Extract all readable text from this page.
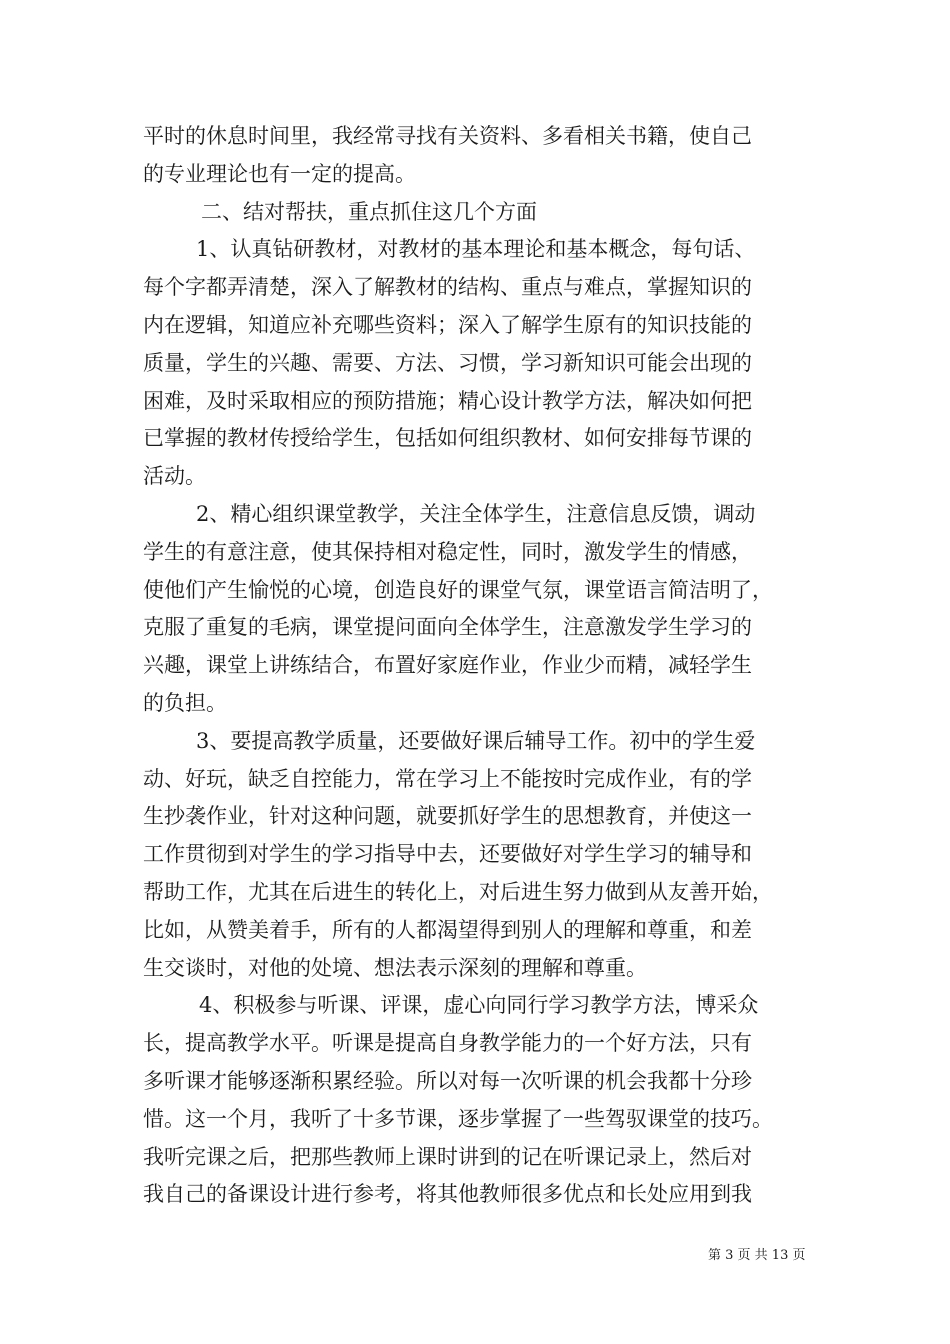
平时的休息时间里，我经常寻找有关资料、多看相关书籍，使自己
的专业理论也有一定的提高。
二、结对帮扶，重点抓住这几个方面
1、认真钻研教材，对教材的基本理论和基本概念，每句话、
每个字都弄清楚，深入了解教材的结构、重点与难点，掌握知识的
内在逻辑，知道应补充哪些资料；深入了解学生原有的知识技能的
质量，学生的兴趣、需要、方法、习惯，学习新知识可能会出现的
困难，及时采取相应的预防措施；精心设计教学方法，解决如何把
已掌握的教材传授给学生，包括如何组织教材、如何安排每节课的
活动。
2、精心组织课堂教学，关注全体学生，注意信息反馈，调动
学生的有意注意，使其保持相对稳定性，同时，激发学生的情感，
使他们产生愉悦的心境，创造良好的课堂气氛，课堂语言简洁明了，
克服了重复的毛病，课堂提问面向全体学生，注意激发学生学习的
兴趣，课堂上讲练结合，布置好家庭作业，作业少而精，减轻学生
的负担。
3、要提高教学质量，还要做好课后辅导工作。初中的学生爱
动、好玩，缺乏自控能力，常在学习上不能按时完成作业，有的学
生抄袭作业，针对这种问题，就要抓好学生的思想教育，并使这一
工作贯彻到对学生的学习指导中去，还要做好对学生学习的辅导和
帮助工作，尤其在后进生的转化上，对后进生努力做到从友善开始，
比如，从赞美着手，所有的人都渴望得到别人的理解和尊重，和差
生交谈时，对他的处境、想法表示深刻的理解和尊重。
4、积极参与听课、评课，虚心向同行学习教学方法，博采众
长，提高教学水平。听课是提高自身教学能力的一个好方法，只有
多听课才能够逐渐积累经验。所以对每一次听课的机会我都十分珍
惜。这一个月，我听了十多节课，逐步掌握了一些驾驭课堂的技巧。
我听完课之后，把那些教师上课时讲到的记在听课记录上，然后对
我自己的备课设计进行参考，将其他教师很多优点和长处应用到我
第 3 页 共 13 页
